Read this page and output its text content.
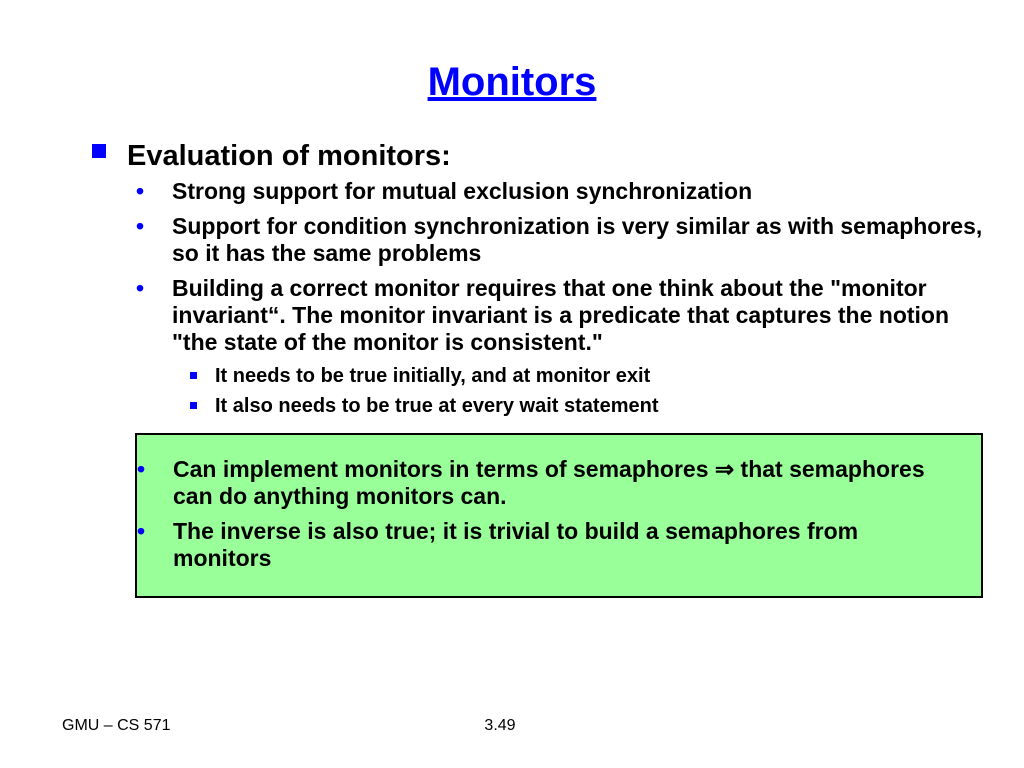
Monitors
Evaluation of monitors:
• Strong support for mutual exclusion synchronization
• Support for condition synchronization is very similar as with semaphores, so it has the same problems
• Building a correct monitor requires that one think about the "monitor invariant“. The monitor invariant is a predicate that captures the notion "the state of the monitor is consistent."
It needs to be true initially, and at monitor exit
It also needs to be true at every wait statement
• Can implement monitors in terms of semaphores ⇒ that semaphores can do anything monitors can.
• The inverse is also true; it is trivial to build a semaphores from monitors
GMU – CS 571	3.49
